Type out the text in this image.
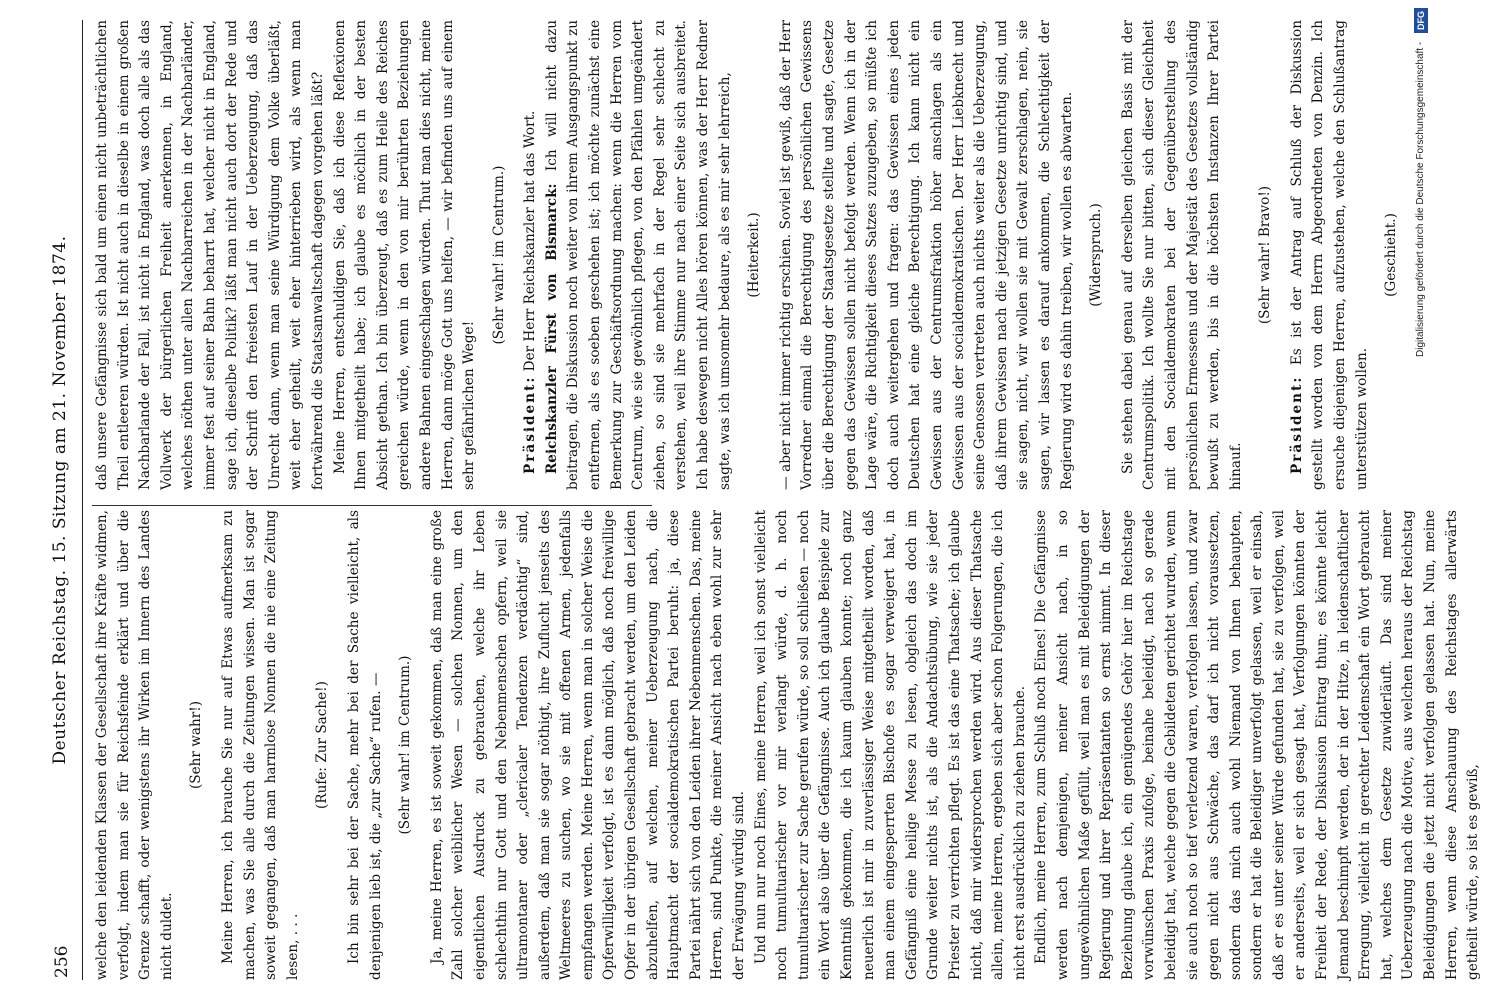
256
Deutscher Reichstag. 15. Sitzung am 21. November 1874.	welche den leidenden Klassen der Gesellschaft ihre Kräfte widmen, verfolgt, indem man sie für Reichsfeinde erklärt und über die Grenze schafft, oder wenigstens ihr Wirken im Innern des Landes nicht duldet.

(Sehr wahr!) Meine Herren, ich brauche Sie nur auf Etwas aufmerksam zu machen, was Sie alle durch die Zeitungen wissen. Man ist sogar soweit gegangen, daß man harmlose Nonnen die nie eine Zeitung lesen, . . .

(Rufe: Zur Sache!) Ich bin sehr bei der Sache, mehr bei der Sache vielleicht, als denjenigen lieb ist, die „zur Sache“ rufen. — (Sehr wahr! im Centrum.) Ja, meine Herren, es ist soweit gekommen, daß man eine große Zahl solcher weiblicher Wesen — solchen Nonnen, um den eigentlichen Ausdruck zu gebrauchen, welche ihr Leben schlechthin nur Gott und den Nebenmenschen opfern, weil sie ultramontaner oder „clericaler Tendenzen verdächtig“ sind, außerdem, daß man sie sogar nöthigt, ihre Zuflucht jenseits des Weltmeeres zu suchen, wo sie mit offenen Armen, jedenfalls empfangen werden. Meine Herren, wenn man in solcher Weise die Opferwilligkeit verfolgt, ist es dann möglich, daß noch freiwillige Opfer in der übrigen Gesellschaft gebracht werden, um den Leiden abzuhelfen, auf welchen, meiner Ueberzeugung nach, die Hauptmacht der socialdemokratischen Partei beruht: ja, diese Partei nährt sich von den Leiden ihrer Nebenmenschen. Das, meine Herren, sind Punkte, die meiner Ansicht nach eben wohl zur sehr der Erwägung würdig sind. Und nun nur noch Eines, meine Herren, weil ich sonst vielleicht noch tumultuarischer vor mir verlangt würde, d. h. noch tumultuarischer zur Sache gerufen würde, so soll schließen — noch ein Wort also über die Gefängnisse. Auch ich glaube Beispiele zur Kenntniß gekommen, die ich kaum glauben konnte; noch ganz neuerlich ist mir in zuverlässiger Weise mitgetheilt worden, daß man einem eingesperrten Bischofe es sogar verweigert hat, in Gefängniß eine heilige Messe zu lesen, obgleich das doch im Grunde weiter nichts ist, als die Andachtsübung, wie sie jeder Priester zu verrichten pflegt. Es ist das eine Thatsache; ich glaube nicht, daß mir widersprochen werden wird. Aus dieser Thatsache allein, meine Herren, ergeben sich aber schon Folgerungen, die ich nicht erst ausdrücklich zu ziehen brauche. Endlich, meine Herren, zum Schluß noch Eines! Die Gefängnisse werden nach demjenigen, meiner Ansicht nach, in so ungewöhnlichen Maße gefüllt, weil man es mit Beleidigungen der Regierung und ihrer Repräsentanten so ernst nimmt. In dieser Beziehung glaube ich, ein genügendes Gehör hier im Reichstage vorwünschen Praxis zufolge, beinahe beleidigt, nach so gerade beleidigt hat, welche gegen die Gebildeten gerichtet wurden, wenn sie auch noch so tief verletzend waren, verfolgen lassen, und zwar gegen nicht aus Schwäche, das darf ich nicht voraussetzen, sondern das mich auch wohl Niemand von Ihnen behaupten, sondern er hat die Beleidiger unverfolgt gelassen, weil er einsah, daß er es unter seiner Würde gefunden hat, sie zu verfolgen, weil er anderseits, weil er sich gesagt hat, Verfolgungen könnten der Freiheit der Rede, der Diskussion Eintrag thun; es könnte leicht Jemand beschimpft werden, der in der Hitze, in leidenschaftlicher Erregung, vielleicht in gerechter Leidenschaft ein Wort gebraucht hat, welches dem Gesetze zuwiderläuft. Das sind meiner Ueberzeugung nach die Motive, aus welchen heraus der Reichstag Beleidigungen die jetzt nicht verfolgen gelassen hat. Nun, meine Herren, wenn diese Anschauung des Reichstages allerwärts getheilt würde, so ist es gewiß,

daß unsere Gefängnisse sich bald um einen nicht unbeträchtlichen Theil entleeren würden. Ist nicht auch in dieselbe in einem großen Nachbarlande der Fall, ist nicht in England, was doch alle als das Vollwerk der bürgerlichen Freiheit anerkennen, in England, welches nöthen unter allen Nachbarreichen in der Nachbarländer, immer fest auf seiner Bahn beharrt hat, welcher nicht in England, sage ich, dieselbe Politik? läßt man nicht auch dort der Rede und der Schrift den freiesten Lauf in der Ueberzeugung, daß das Unrecht dann, wenn man seine Würdigung dem Volke überläßt, weit eher geheilt, weit eher hinterrieben wird, als wenn man fortwährend die Staatsanwaltschaft dagegen vorgehen läßt? Meine Herren, entschuldigen Sie, daß ich diese Reflexionen Ihnen mitgetheilt habe; ich glaube es möchlich in der besten Absicht gethan. Ich bin überzeugt, daß es zum Heile des Reiches gereichen würde, wenn in den von mir berührten Beziehungen andere Bahnen eingeschlagen würden. Thut man dies nicht, meine Herren, dann möge Gott uns helfen, — wir befinden uns auf einem sehr gefährlichen Wege!

(Sehr wahr! im Centrum.)

Präsident: Der Herr Reichskanzler hat das Wort. Reichskanzler Fürst von Bismarck: Ich will nicht dazu beitragen, die Diskussion noch weiter von ihrem Ausgangspunkt zu entfernen, als es soeben geschehen ist; ich möchte zunächst eine Bemerkung zur Geschäftsordnung machen: wenn die Herren vom Centrum, wie sie gewöhnlich pflegen, von den Pfählen umgeändert ziehen, so sind sie mehrfach in der Regel sehr schlecht zu verstehen, weil ihre Stimme nur nach einer Seite sich ausbreitet. Ich habe deswegen nicht Alles hören können, was der Herr Redner sagte, was ich umsomehr bedaure, als es mir sehr lehrreich, (Heiterkeit.) — aber nicht immer richtig erschien. Soviel ist gewiß, daß der Herr Vorredner einmal die Berechtigung des persönlichen Gewissens über die Berechtigung der Staatsgesetze stellte und sagte, Gesetze gegen das Gewissen sollen nicht befolgt werden. Wenn ich in der Lage wäre, die Richtigkeit dieses Satzes zuzugeben, so müßte ich doch auch weitergehen und fragen: das Gewissen eines jeden Deutschen hat eine gleiche Berechtigung. Ich kann nicht ein Gewissen aus der Centrumsfraktion höher anschlagen als ein Gewissen aus der socialdemokratischen. Der Herr Liebknecht und seine Genossen vertreten auch nichts weiter als die Ueberzeugung, daß ihrem Gewissen nach die jetzigen Gesetze unrichtig sind, und sie sagen, nicht, wir wollen sie mit Gewalt zerschlagen, nein, sie sagen, wir lassen es darauf ankommen, die Schlechtigkeit der Regierung wird es dahin treiben, wir wollen es abwarten. (Widerspruch.) Sie stehen dabei genau auf derselben gleichen Basis mit der Centrumspolitik. Ich wollte Sie nur bitten, sich dieser Gleichheit mit den Socialdemokraten bei der Gegenüberstellung des persönlichen Ermessens und der Majestät des Gesetzes vollständig bewußt zu werden, bis in die höchsten Instanzen Ihrer Partei hinauf.

(Sehr wahr! Bravo!)

Präsident: Es ist der Antrag auf Schluß der Diskussion gestellt worden von dem Herrn Abgeordneten von Denzin. Ich ersuche diejenigen Herren, aufzustehen, welche den Schlußantrag unterstützen wollen.

(Geschieht.)	Digitalisierung gefördert durch die Deutsche Forschungsgemeinschaft - DFG
